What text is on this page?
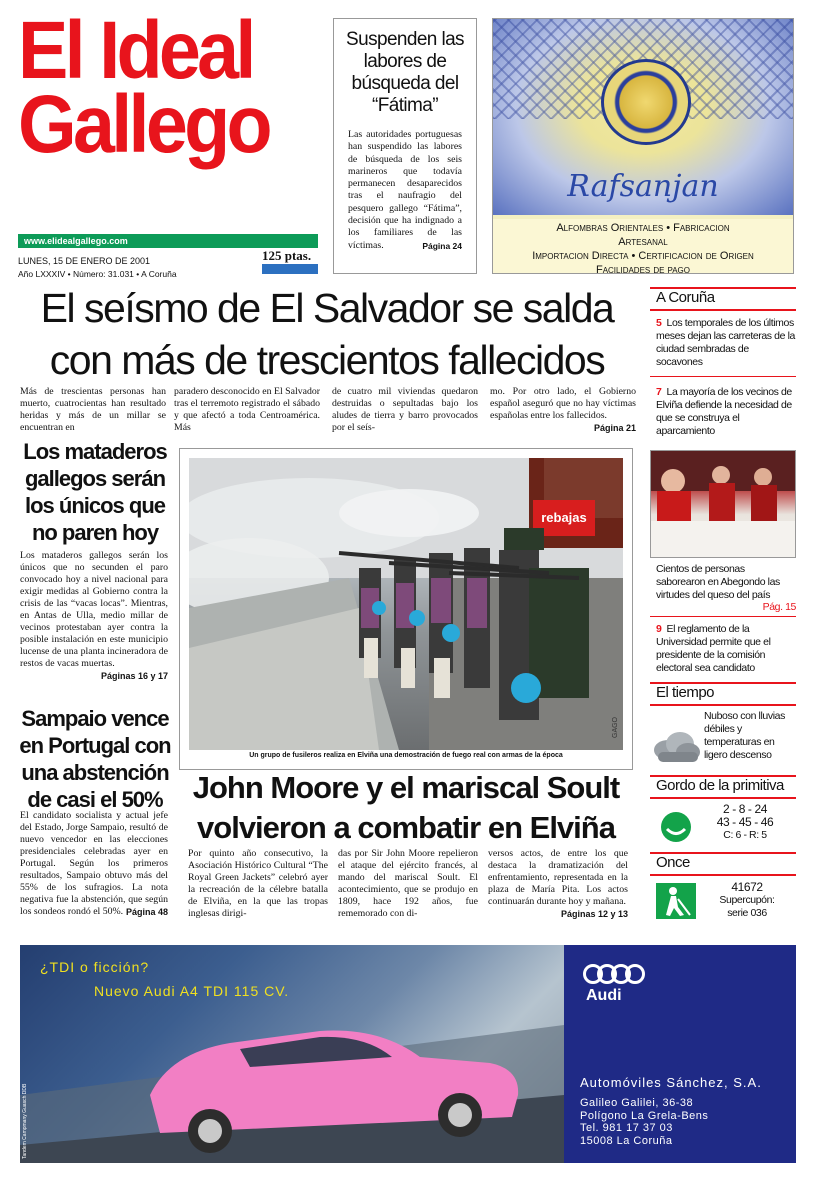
El Ideal
Gallego
www.elidealgallego.com
LUNES, 15 DE ENERO DE 2001
Año LXXXIV • Número: 31.031 • A Coruña
125 ptas.
Suspenden las labores de búsqueda del “Fátima”

Las autoridades portuguesas han suspendido las labores de búsqueda de los seis marineros que todavía permanecen desaparecidos tras el naufragio del pesquero gallego “Fátima”, decisión que ha indignado a los familiares de las víctimas.	Página 24

Rafsanjan
Alfombras Orientales • Fabricacion
Artesanal
Importacion Directa • Certificacion de Origen
Facilidades de pago
El seísmo de El Salvador se salda con más de trescientos fallecidos
Más de trescientas personas han muerto, cuatrocientas han resultado heridas y más de un millar se encuentran en
paradero desconocido en El Salvador tras el terremoto registrado el sábado y que afectó a toda Centroamérica. Más
de cuatro mil viviendas quedaron destruidas o sepultadas bajo los aludes de tierra y barro provocados por el seís-
mo. Por otro lado, el Gobierno español aseguró que no hay víctimas españolas entre los fallecidos.
Página 21
Los mataderos gallegos serán los únicos que no paren hoy
Los mataderos gallegos serán los únicos que no secunden el paro convocado hoy a nivel nacional para exigir medidas al Gobierno contra la crisis de las “vacas locas”. Mientras, en Antas de Ulla, medio millar de vecinos protestaban ayer contra la posible instalación en este municipio lucense de una planta incineradora de restos de vacas muertas.
Páginas 16 y 17
Sampaio vence en Portugal con una abstención de casi el 50%
El candidato socialista y actual jefe del Estado, Jorge Sampaio, resultó de nuevo vencedor en las elecciones presidenciales celebradas ayer en Portugal. Según los primeros resultados, Sampaio obtuvo más del 55% de los sufragios. La nota negativa fue la abstención, que según los sondeos rondó el 50%. Página 48
rebajas
GAGO
Un grupo de fusileros realiza en Elviña una demostración de fuego real con armas de la época
John Moore y el mariscal Soult volvieron a combatir en Elviña
Por quinto año consecutivo, la Asociación Histórico Cultural “The Royal Green Jackets” celebró ayer la recreación de la célebre batalla de Elviña, en la que las tropas inglesas dirigi-
das por Sir John Moore repelieron el ataque del ejército francés, al mando del mariscal Soult. El acontecimiento, que se produjo en 1809, hace 192 años, fue rememorado con di-
versos actos, de entre los que destaca la dramatización del enfrentamiento, representada en la plaza de María Pita. Los actos continuarán durante hoy y mañana.
Páginas 12 y 13
A Coruña
5 Los temporales de los últimos meses dejan las carreteras de la ciudad sembradas de socavones
7 La mayoría de los vecinos de Elviña defiende la necesidad de que se construya el aparcamiento
Cientos de personas saborearon en Abegondo las virtudes del queso del país
Pág. 15
9 El reglamento de la Universidad permite que el presidente de la comisión electoral sea candidato
El tiempo
Nuboso con lluvias débiles y temperaturas en ligero descenso
Gordo de la primitiva
2 - 8 - 24
43 - 45 - 46
C: 6 - R: 5
Once
41672
Supercupón:
serie 036
¿TDI o ficción?
Nuevo Audi A4 TDI 115 CV.
Tandem Campmany Guasch DDB
Audi
Automóviles Sánchez, S.A.
Galileo Galilei, 36-38
Polígono La Grela-Bens
Tel. 981 17 37 03
15008 La Coruña
